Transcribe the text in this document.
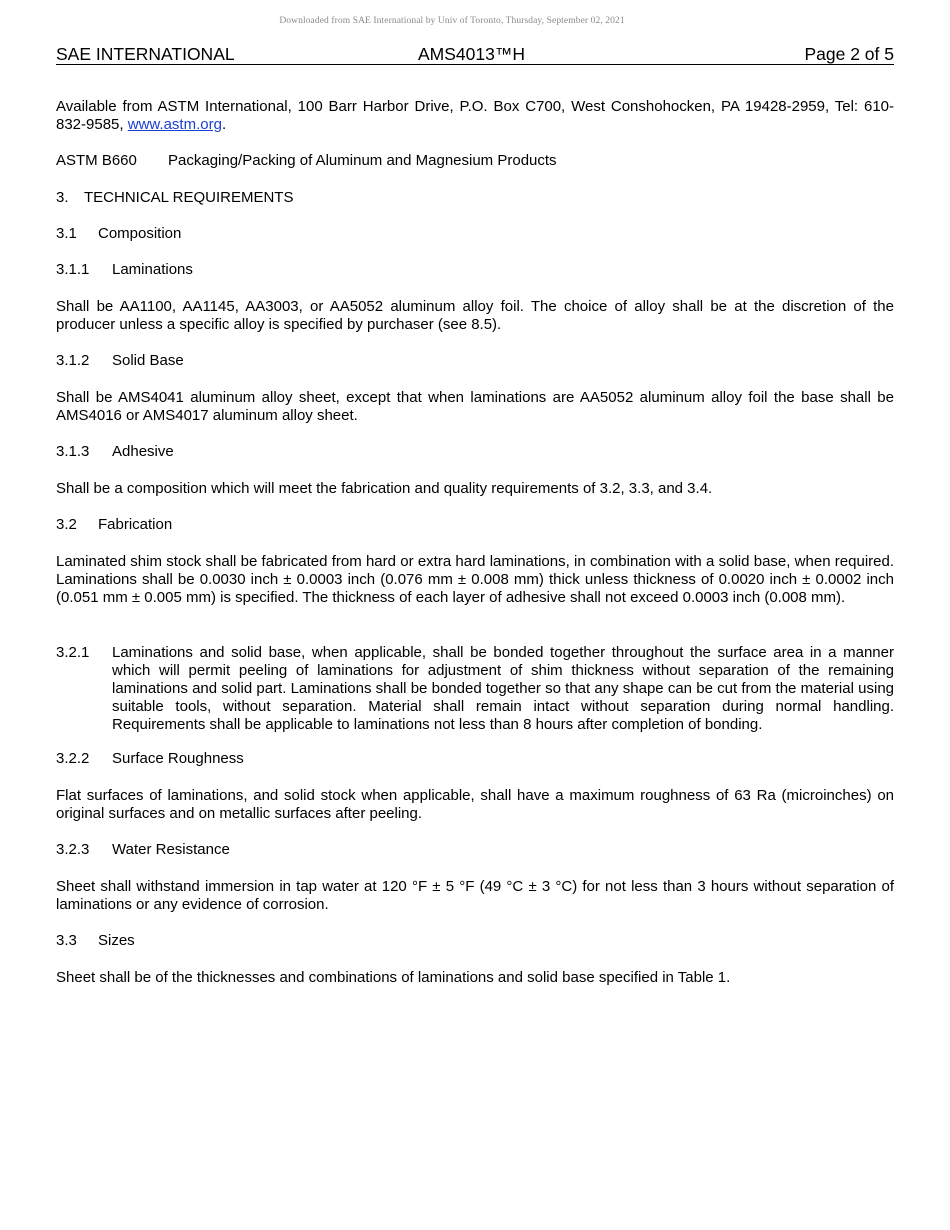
Downloaded from SAE International by Univ of Toronto, Thursday, September 02, 2021
SAE INTERNATIONAL	AMS4013™H	Page 2 of 5
Available from ASTM International, 100 Barr Harbor Drive, P.O. Box C700, West Conshohocken, PA 19428-2959, Tel: 610-832-9585, www.astm.org.
ASTM B660 Packaging/Packing of Aluminum and Magnesium Products
3. TECHNICAL REQUIREMENTS
3.1 Composition
3.1.1 Laminations
Shall be AA1100, AA1145, AA3003, or AA5052 aluminum alloy foil. The choice of alloy shall be at the discretion of the producer unless a specific alloy is specified by purchaser (see 8.5).
3.1.2 Solid Base
Shall be AMS4041 aluminum alloy sheet, except that when laminations are AA5052 aluminum alloy foil the base shall be AMS4016 or AMS4017 aluminum alloy sheet.
3.1.3 Adhesive
Shall be a composition which will meet the fabrication and quality requirements of 3.2, 3.3, and 3.4.
3.2 Fabrication
Laminated shim stock shall be fabricated from hard or extra hard laminations, in combination with a solid base, when required. Laminations shall be 0.0030 inch ± 0.0003 inch (0.076 mm ± 0.008 mm) thick unless thickness of 0.0020 inch ± 0.0002 inch (0.051 mm ± 0.005 mm) is specified. The thickness of each layer of adhesive shall not exceed 0.0003 inch (0.008 mm).
3.2.1 Laminations and solid base, when applicable, shall be bonded together throughout the surface area in a manner which will permit peeling of laminations for adjustment of shim thickness without separation of the remaining laminations and solid part. Laminations shall be bonded together so that any shape can be cut from the material using suitable tools, without separation. Material shall remain intact without separation during normal handling. Requirements shall be applicable to laminations not less than 8 hours after completion of bonding.
3.2.2 Surface Roughness
Flat surfaces of laminations, and solid stock when applicable, shall have a maximum roughness of 63 Ra (microinches) on original surfaces and on metallic surfaces after peeling.
3.2.3 Water Resistance
Sheet shall withstand immersion in tap water at 120 °F ± 5 °F (49 °C ± 3 °C) for not less than 3 hours without separation of laminations or any evidence of corrosion.
3.3 Sizes
Sheet shall be of the thicknesses and combinations of laminations and solid base specified in Table 1.
